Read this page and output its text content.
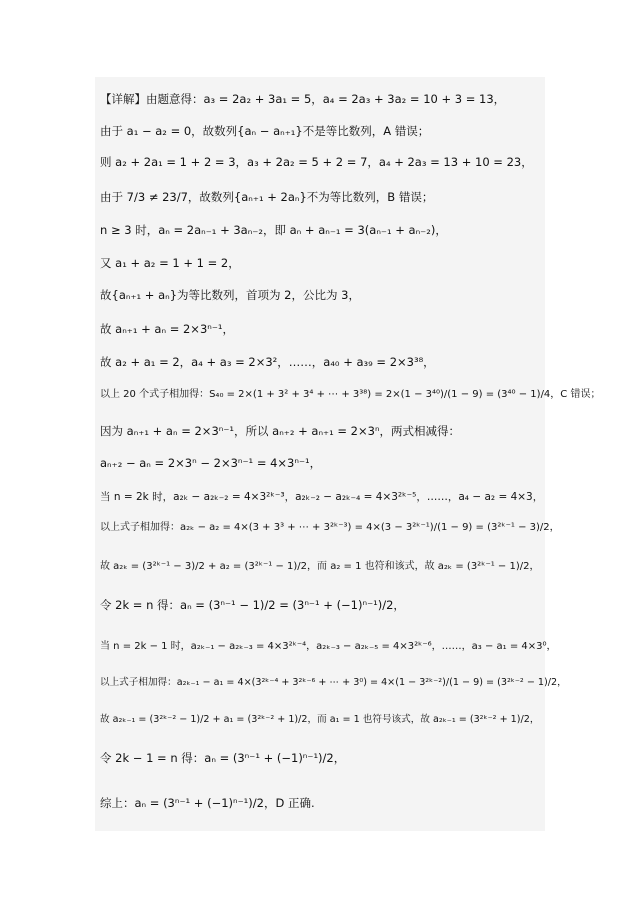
【详解】由题意得：a₃ = 2a₂ + 3a₁ = 5，a₄ = 2a₃ + 3a₂ = 10 + 3 = 13，
由于 a₁ − a₂ = 0，故数列{aₙ − aₙ₊₁}不是等比数列，A 错误；
则 a₂ + 2a₁ = 1 + 2 = 3，a₃ + 2a₂ = 5 + 2 = 7，a₄ + 2a₃ = 13 + 10 = 23，
由于 7/3 ≠ 23/7，故数列{aₙ₊₁ + 2aₙ}不为等比数列，B 错误；
n ≥ 3 时，aₙ = 2aₙ₋₁ + 3aₙ₋₂，即 aₙ + aₙ₋₁ = 3(aₙ₋₁ + aₙ₋₂)，
又 a₁ + a₂ = 1 + 1 = 2，
故{aₙ₊₁ + aₙ}为等比数列，首项为 2，公比为 3，
故 aₙ₊₁ + aₙ = 2×3ⁿ⁻¹，
故 a₂ + a₁ = 2，a₄ + a₃ = 2×3²，……，a₄₀ + a₃₉ = 2×3³⁸，
以上 20 个式子相加得：S₄₀ = 2×(1 + 3² + 3⁴ + ⋯ + 3³⁸) = 2×(1 − 3⁴⁰)/(1 − 9) = (3⁴⁰ − 1)/4，C 错误；
因为 aₙ₊₁ + aₙ = 2×3ⁿ⁻¹，所以 aₙ₊₂ + aₙ₊₁ = 2×3ⁿ，两式相减得：
aₙ₊₂ − aₙ = 2×3ⁿ − 2×3ⁿ⁻¹ = 4×3ⁿ⁻¹，
当 n = 2k 时，a₂ₖ − a₂ₖ₋₂ = 4×3²ᵏ⁻³，a₂ₖ₋₂ − a₂ₖ₋₄ = 4×3²ᵏ⁻⁵，……，a₄ − a₂ = 4×3，
以上式子相加得：a₂ₖ − a₂ = 4×(3 + 3³ + ⋯ + 3²ᵏ⁻³) = 4×(3 − 3²ᵏ⁻¹)/(1 − 9) = (3²ᵏ⁻¹ − 3)/2，
故 a₂ₖ = (3²ᵏ⁻¹ − 3)/2 + a₂ = (3²ᵏ⁻¹ − 1)/2，而 a₂ = 1 也符和该式，故 a₂ₖ = (3²ᵏ⁻¹ − 1)/2，
令 2k = n 得：aₙ = (3ⁿ⁻¹ − 1)/2 = (3ⁿ⁻¹ + (−1)ⁿ⁻¹)/2，
当 n = 2k − 1 时，a₂ₖ₋₁ − a₂ₖ₋₃ = 4×3²ᵏ⁻⁴，a₂ₖ₋₃ − a₂ₖ₋₅ = 4×3²ᵏ⁻⁶，……，a₃ − a₁ = 4×3⁰，
以上式子相加得：a₂ₖ₋₁ − a₁ = 4×(3²ᵏ⁻⁴ + 3²ᵏ⁻⁶ + ⋯ + 3⁰) = 4×(1 − 3²ᵏ⁻²)/(1 − 9) = (3²ᵏ⁻² − 1)/2，
故 a₂ₖ₋₁ = (3²ᵏ⁻² − 1)/2 + a₁ = (3²ᵏ⁻² + 1)/2，而 a₁ = 1 也符号该式，故 a₂ₖ₋₁ = (3²ᵏ⁻² + 1)/2，
令 2k − 1 = n 得：aₙ = (3ⁿ⁻¹ + (−1)ⁿ⁻¹)/2，
综上：aₙ = (3ⁿ⁻¹ + (−1)ⁿ⁻¹)/2，D 正确.
